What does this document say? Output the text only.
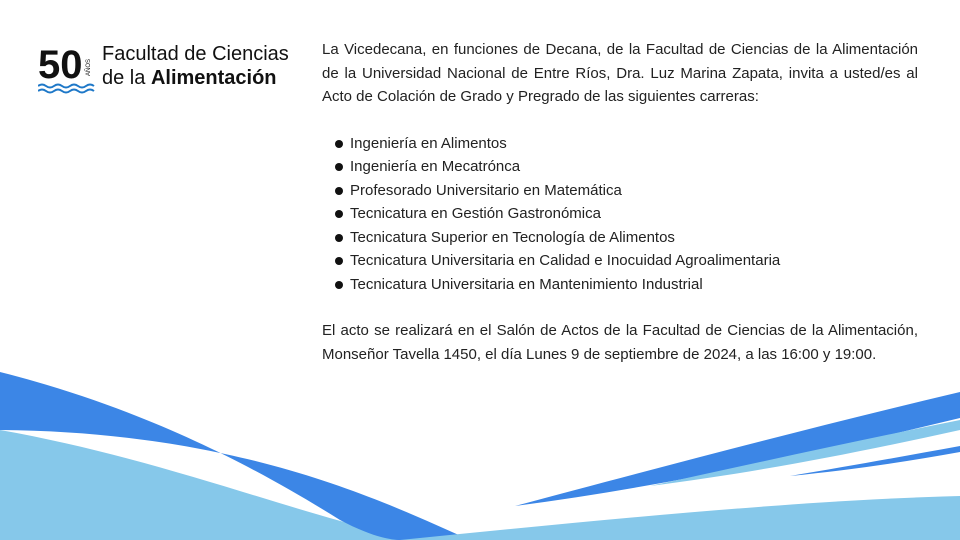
50 AÑOS
Facultad de Ciencias
de la Alimentación

La Vicedecana, en funciones de Decana, de la Facultad de Ciencias de la Alimentación de la Universidad Nacional de Entre Ríos, Dra. Luz Marina Zapata, invita a usted/es al Acto de Colación de Grado y Pregrado de las siguientes carreras:

Ingeniería en Alimentos
Ingeniería en Mecatrónca
Profesorado Universitario en Matemática
Tecnicatura en Gestión Gastronómica
Tecnicatura Superior en Tecnología de Alimentos
Tecnicatura Universitaria en Calidad e Inocuidad Agroalimentaria
Tecnicatura Universitaria en Mantenimiento Industrial

El acto se realizará en el Salón de Actos de la Facultad de Ciencias de la Alimentación, Monseñor Tavella 1450, el día Lunes 9 de septiembre de 2024, a las 16:00 y 19:00.
